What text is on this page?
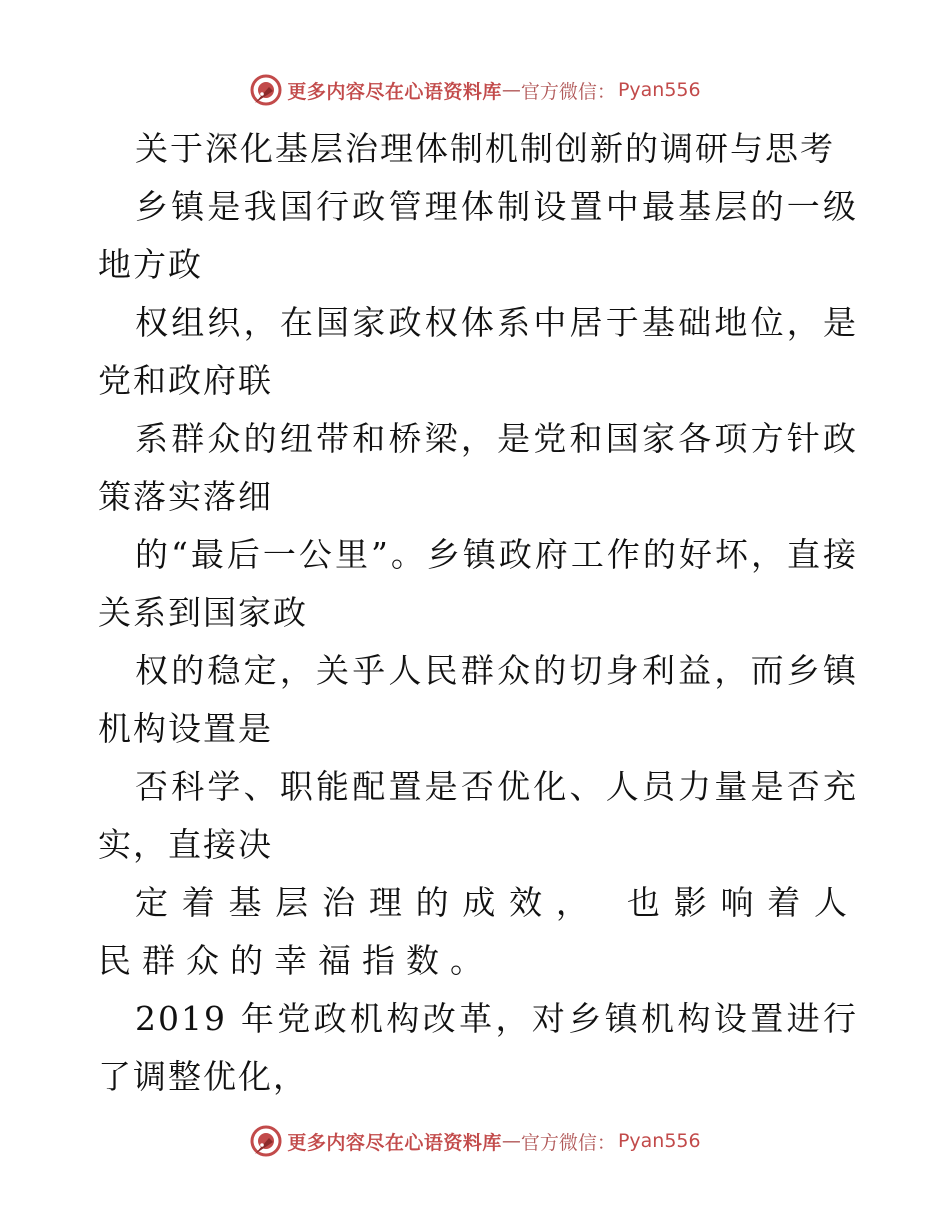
更多内容尽在心语资料库 — 官方微信： Pyan556

关于深化基层治理体制机制创新的调研与思考

乡镇是我国行政管理体制设置中最基层的一级地方政

权组织，在国家政权体系中居于基础地位，是党和政府联

系群众的纽带和桥梁，是党和国家各项方针政策落实落细

的“最后一公里”。乡镇政府工作的好坏，直接关系到国家政

权的稳定，关乎人民群众的切身利益，而乡镇机构设置是

否科学、职能配置是否优化、人员力量是否充实，直接决

定着基层治理的成效， 也影响着人民群众的幸福指数。

2019 年党政机构改革，对乡镇机构设置进行了调整优化，

更多内容尽在心语资料库 — 官方微信： Pyan556
